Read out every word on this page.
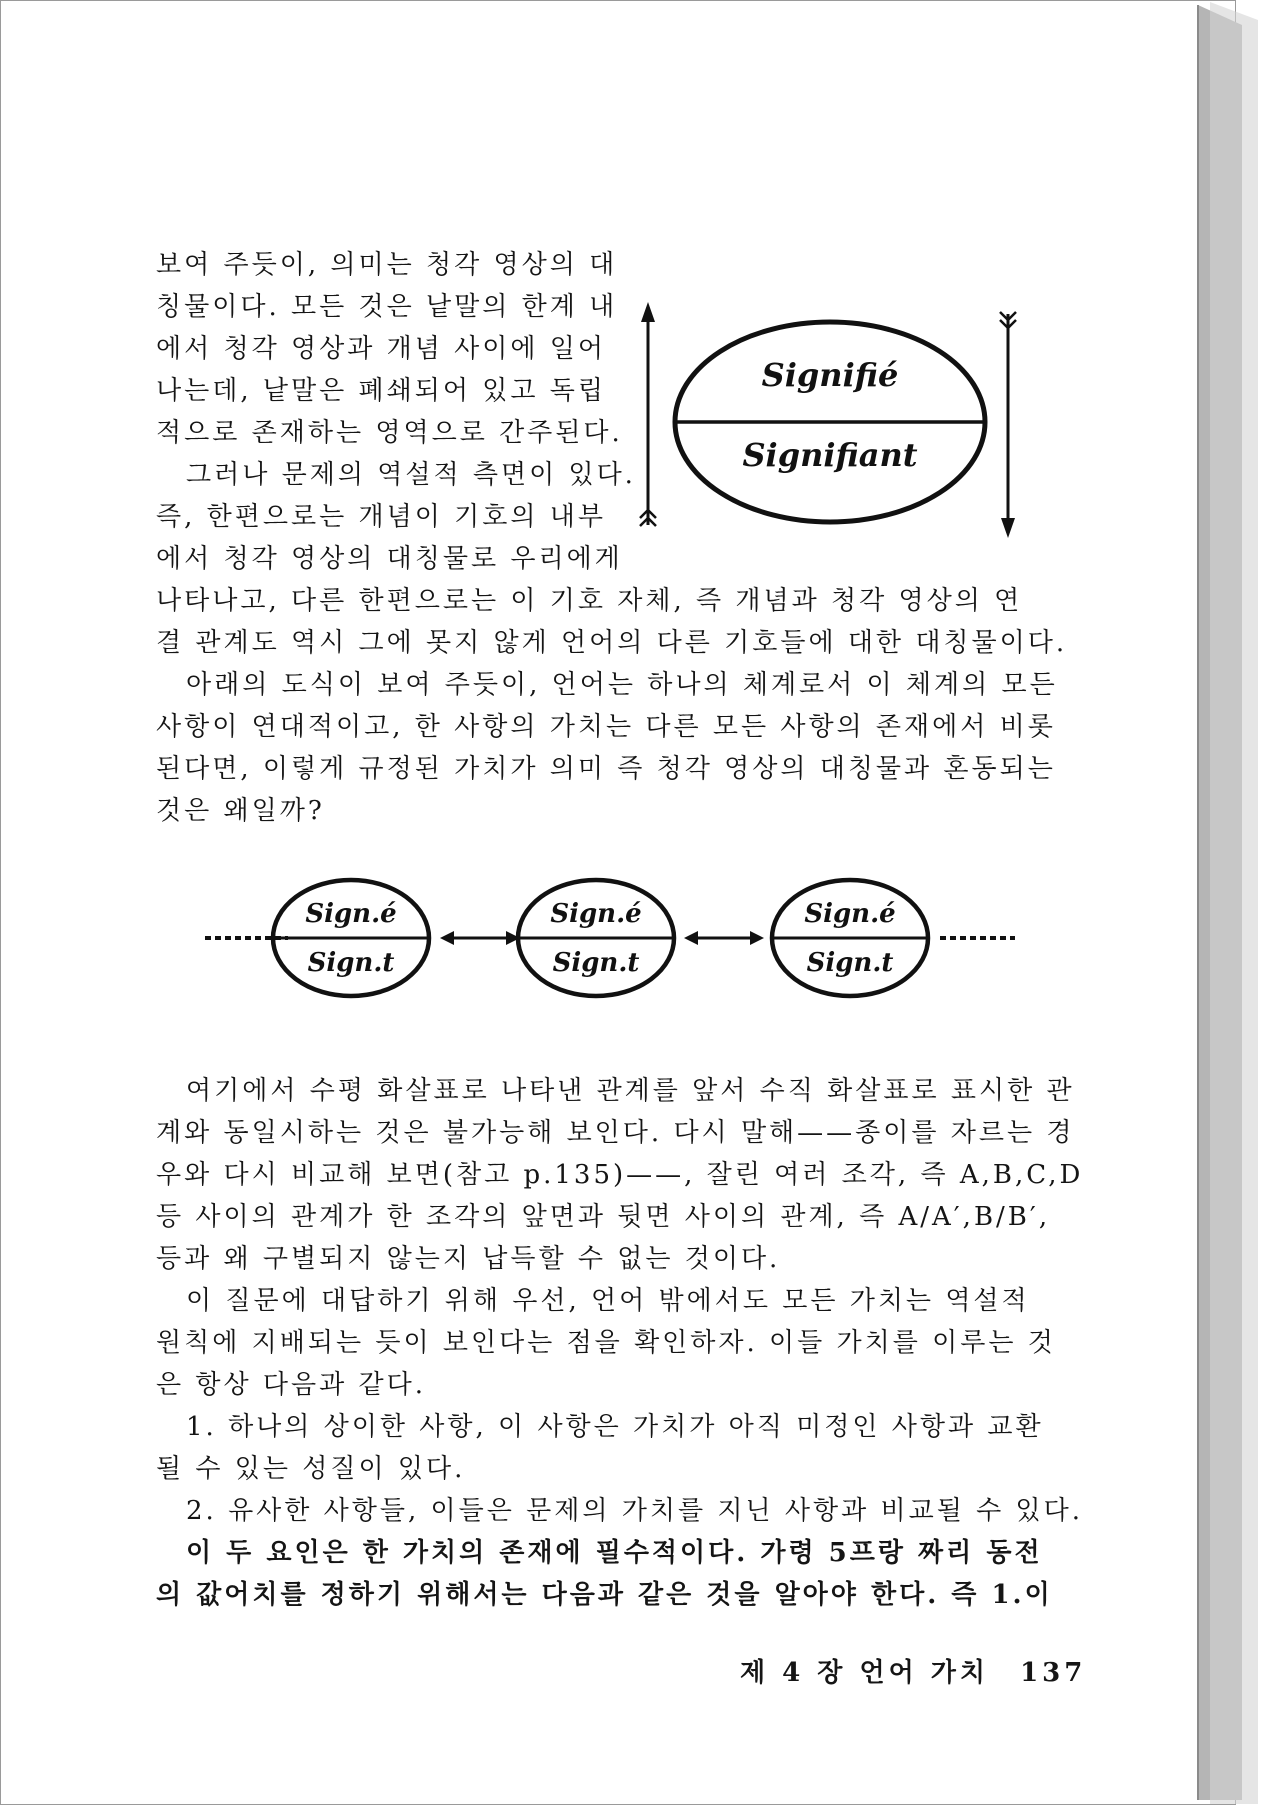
보여 주듯이, 의미는 청각 영상의 대

칭물이다. 모든 것은 낱말의 한계 내

에서 청각 영상과 개념 사이에 일어

나는데, 낱말은 폐쇄되어 있고 독립

적으로 존재하는 영역으로 간주된다.

그러나 문제의 역설적 측면이 있다.

즉, 한편으로는 개념이 기호의 내부

에서 청각 영상의 대칭물로 우리에게

Signifié
Signifiant

나타나고, 다른 한편으로는 이 기호 자체, 즉 개념과 청각 영상의 연

결 관계도 역시 그에 못지 않게 언어의 다른 기호들에 대한 대칭물이다.

아래의 도식이 보여 주듯이, 언어는 하나의 체계로서 이 체계의 모든

사항이 연대적이고, 한 사항의 가치는 다른 모든 사항의 존재에서 비롯

된다면, 이렇게 규정된 가치가 의미 즉 청각 영상의 대칭물과 혼동되는

것은 왜일까?

Sign.é
Sign.t
Sign.é
Sign.t
Sign.é
Sign.t

여기에서 수평 화살표로 나타낸 관계를 앞서 수직 화살표로 표시한 관

계와 동일시하는 것은 불가능해 보인다. 다시 말해——종이를 자르는 경

우와 다시 비교해 보면(참고 p.135)——, 잘린 여러 조각, 즉 A,B,C,D

등 사이의 관계가 한 조각의 앞면과 뒷면 사이의 관계, 즉 A/A′,B/B′,

등과 왜 구별되지 않는지 납득할 수 없는 것이다.

이 질문에 대답하기 위해 우선, 언어 밖에서도 모든 가치는 역설적

원칙에 지배되는 듯이 보인다는 점을 확인하자. 이들 가치를 이루는 것

은 항상 다음과 같다.

1. 하나의 상이한 사항, 이 사항은 가치가 아직 미정인 사항과 교환

될 수 있는 성질이 있다.

2. 유사한 사항들, 이들은 문제의 가치를 지닌 사항과 비교될 수 있다.

이 두 요인은 한 가치의 존재에 필수적이다. 가령 5프랑 짜리 동전

의 값어치를 정하기 위해서는 다음과 같은 것을 알아야 한다. 즉 1.이

제 4 장 언어 가치 137
